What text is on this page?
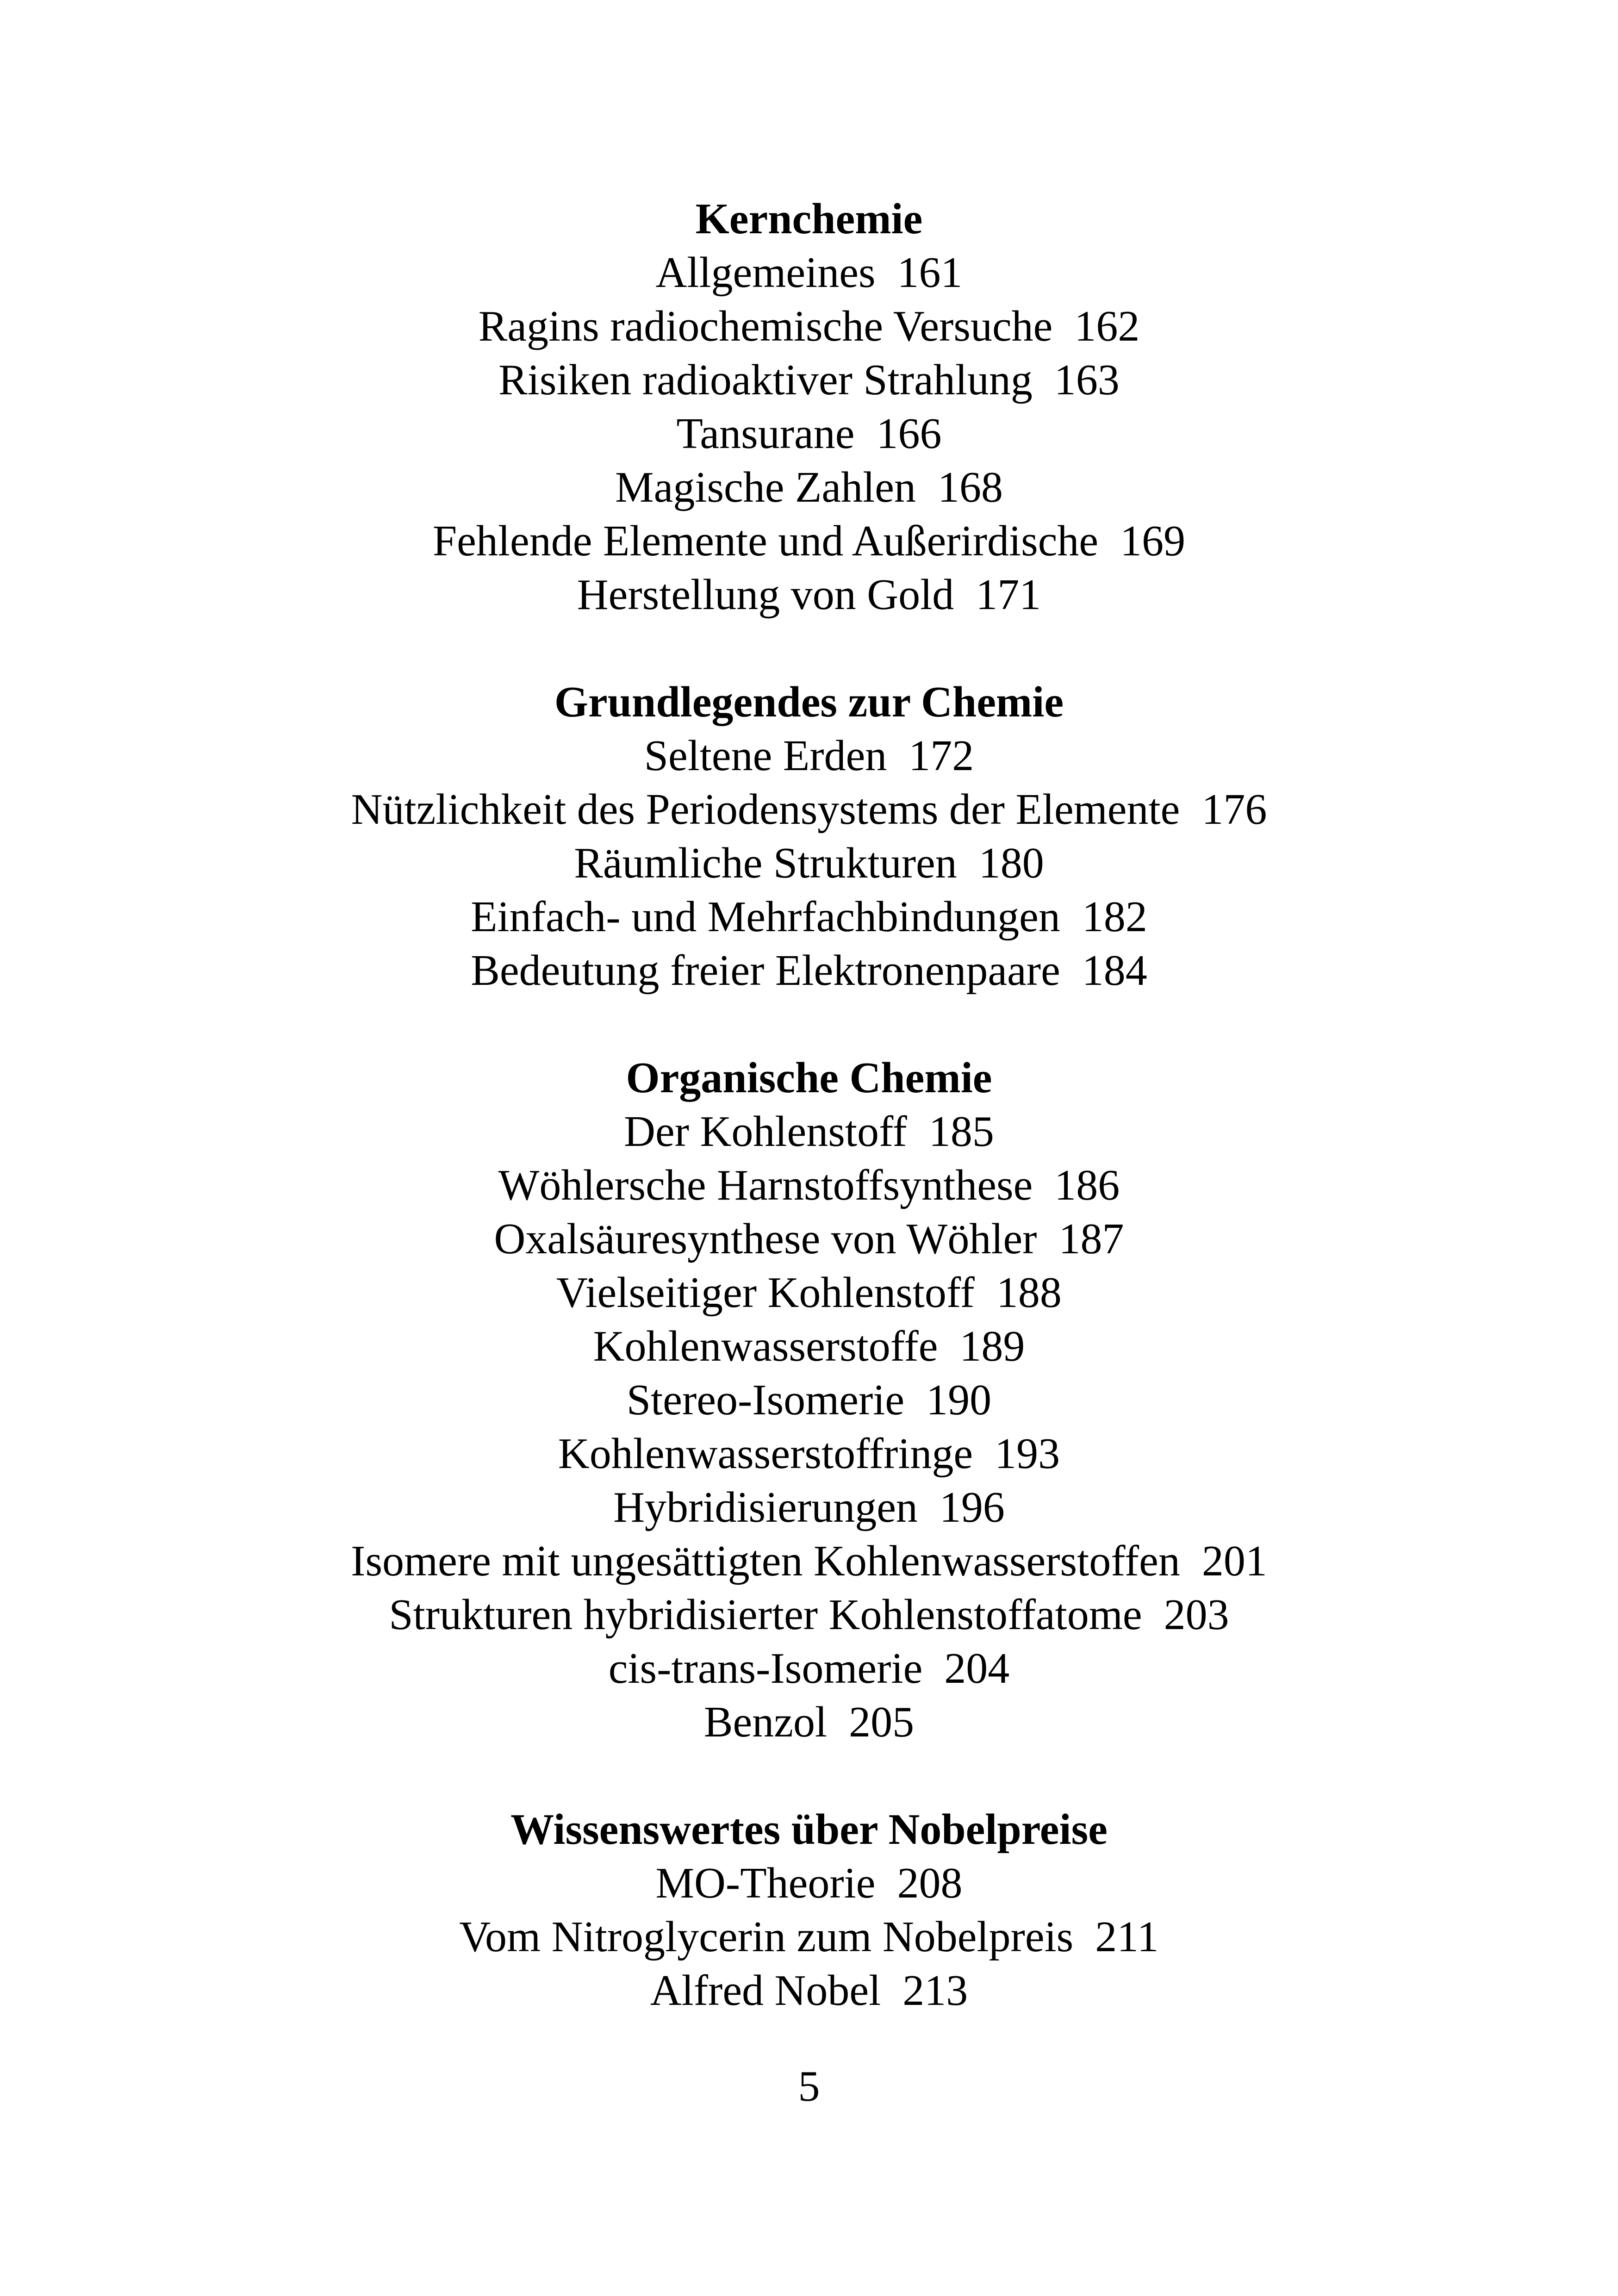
Kernchemie
Allgemeines  161
Ragins radiochemische Versuche  162
Risiken radioaktiver Strahlung  163
Tansurane  166
Magische Zahlen  168
Fehlende Elemente und Außerirdische  169
Herstellung von Gold  171
Grundlegendes zur Chemie
Seltene Erden  172
Nützlichkeit des Periodensystems der Elemente  176
Räumliche Strukturen  180
Einfach- und Mehrfachbindungen  182
Bedeutung freier Elektronenpaare  184
Organische Chemie
Der Kohlenstoff  185
Wöhlersche Harnstoffsynthese  186
Oxalsäuresynthese von Wöhler  187
Vielseitiger Kohlenstoff  188
Kohlenwasserstoffe  189
Stereo-Isomerie  190
Kohlenwasserstoffringe  193
Hybridisierungen  196
Isomere mit ungesättigten Kohlenwasserstoffen  201
Strukturen hybridisierter Kohlenstoffatome  203
cis-trans-Isomerie  204
Benzol  205
Wissenswertes über Nobelpreise
MO-Theorie  208
Vom Nitroglycerin zum Nobelpreis  211
Alfred Nobel  213
5
